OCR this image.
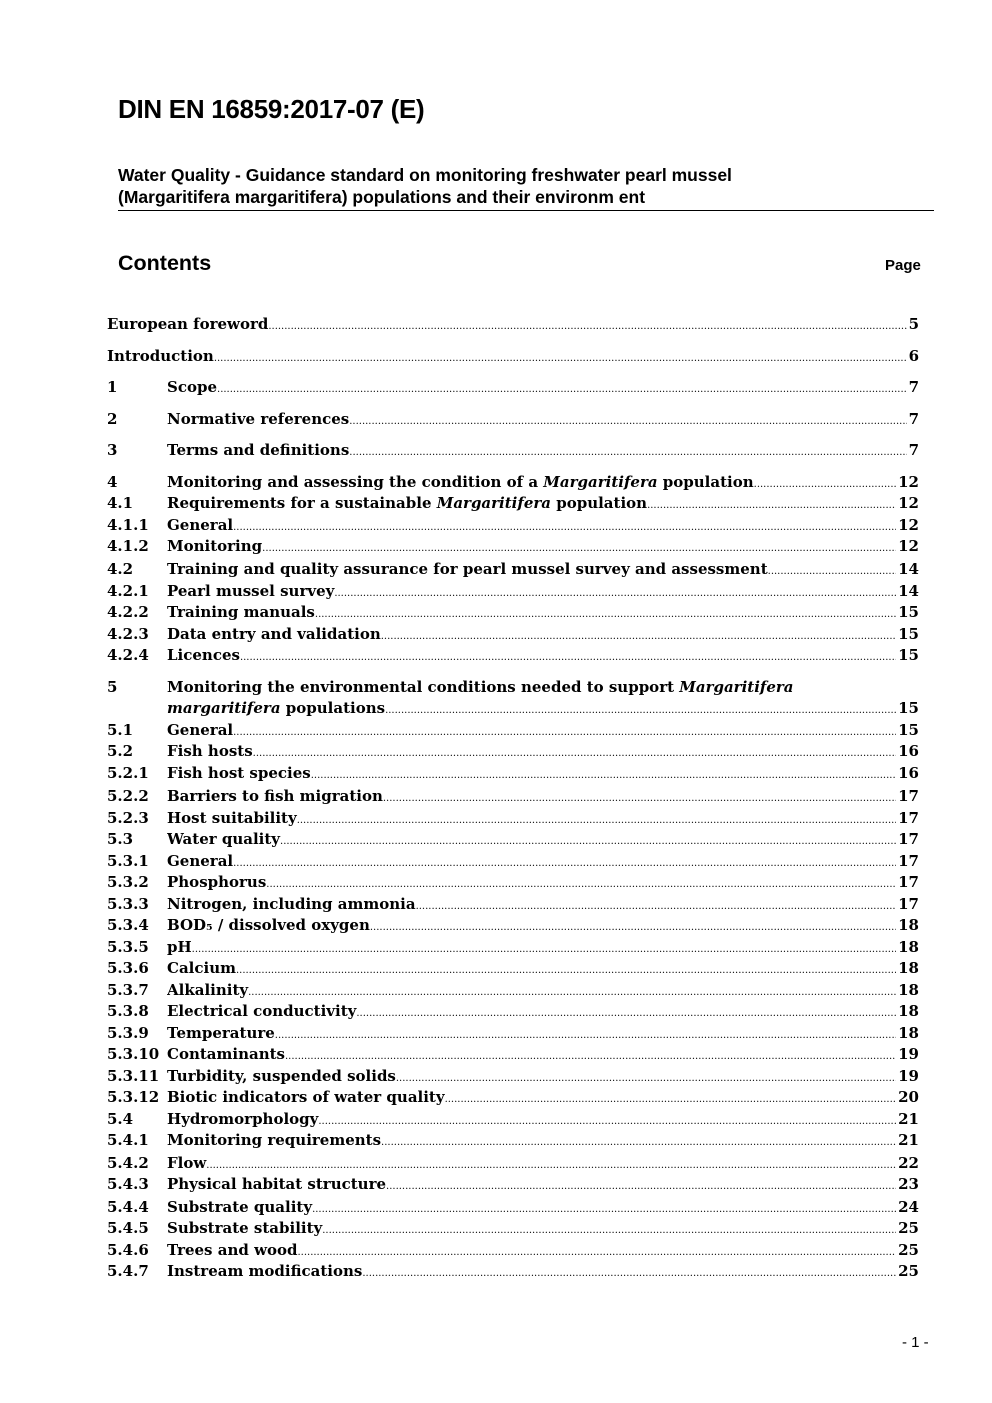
DIN EN 16859:2017-07 (E)
Water Quality - Guidance standard on monitoring freshwater pearl mussel
(Margaritifera margaritifera) populations and their environm ent
Contents	Page
European foreword .....	5
Introduction .....	6
1	Scope .....	7
2	Normative references .....	7
3	Terms and definitions .....	7
4	Monitoring and assessing the condition of a Margaritifera population .....	12
4.1	Requirements for a sustainable Margaritifera population .....	12
4.1.1	General .....	12
4.1.2	Monitoring .....	12
4.2	Training and quality assurance for pearl mussel survey and assessment .....	14
4.2.1	Pearl mussel survey .....	14
4.2.2	Training manuals .....	15
4.2.3	Data entry and validation .....	15
4.2.4	Licences .....	15
5	Monitoring the environmental conditions needed to support Margaritifera
margaritifera populations .....	15
5.1	General .....	15
5.2	Fish hosts .....	16
5.2.1	Fish host species .....	16
5.2.2	Barriers to fish migration .....	17
5.2.3	Host suitability .....	17
5.3	Water quality .....	17
5.3.1	General .....	17
5.3.2	Phosphorus .....	17
5.3.3	Nitrogen, including ammonia .....	17
5.3.4	BOD₅ / dissolved oxygen .....	18
5.3.5	pH .....	18
5.3.6	Calcium .....	18
5.3.7	Alkalinity .....	18
5.3.8	Electrical conductivity .....	18
5.3.9	Temperature .....	18
5.3.10 Contaminants .....	19
5.3.11 Turbidity, suspended solids .....	19
5.3.12 Biotic indicators of water quality .....	20
5.4	Hydromorphology .....	21
5.4.1	Monitoring requirements .....	21
5.4.2	Flow .....	22
5.4.3	Physical habitat structure .....	23
5.4.4	Substrate quality .....	24
5.4.5	Substrate stability .....	25
5.4.6	Trees and wood .....	25
5.4.7	Instream modifications .....	25
- 1 -
